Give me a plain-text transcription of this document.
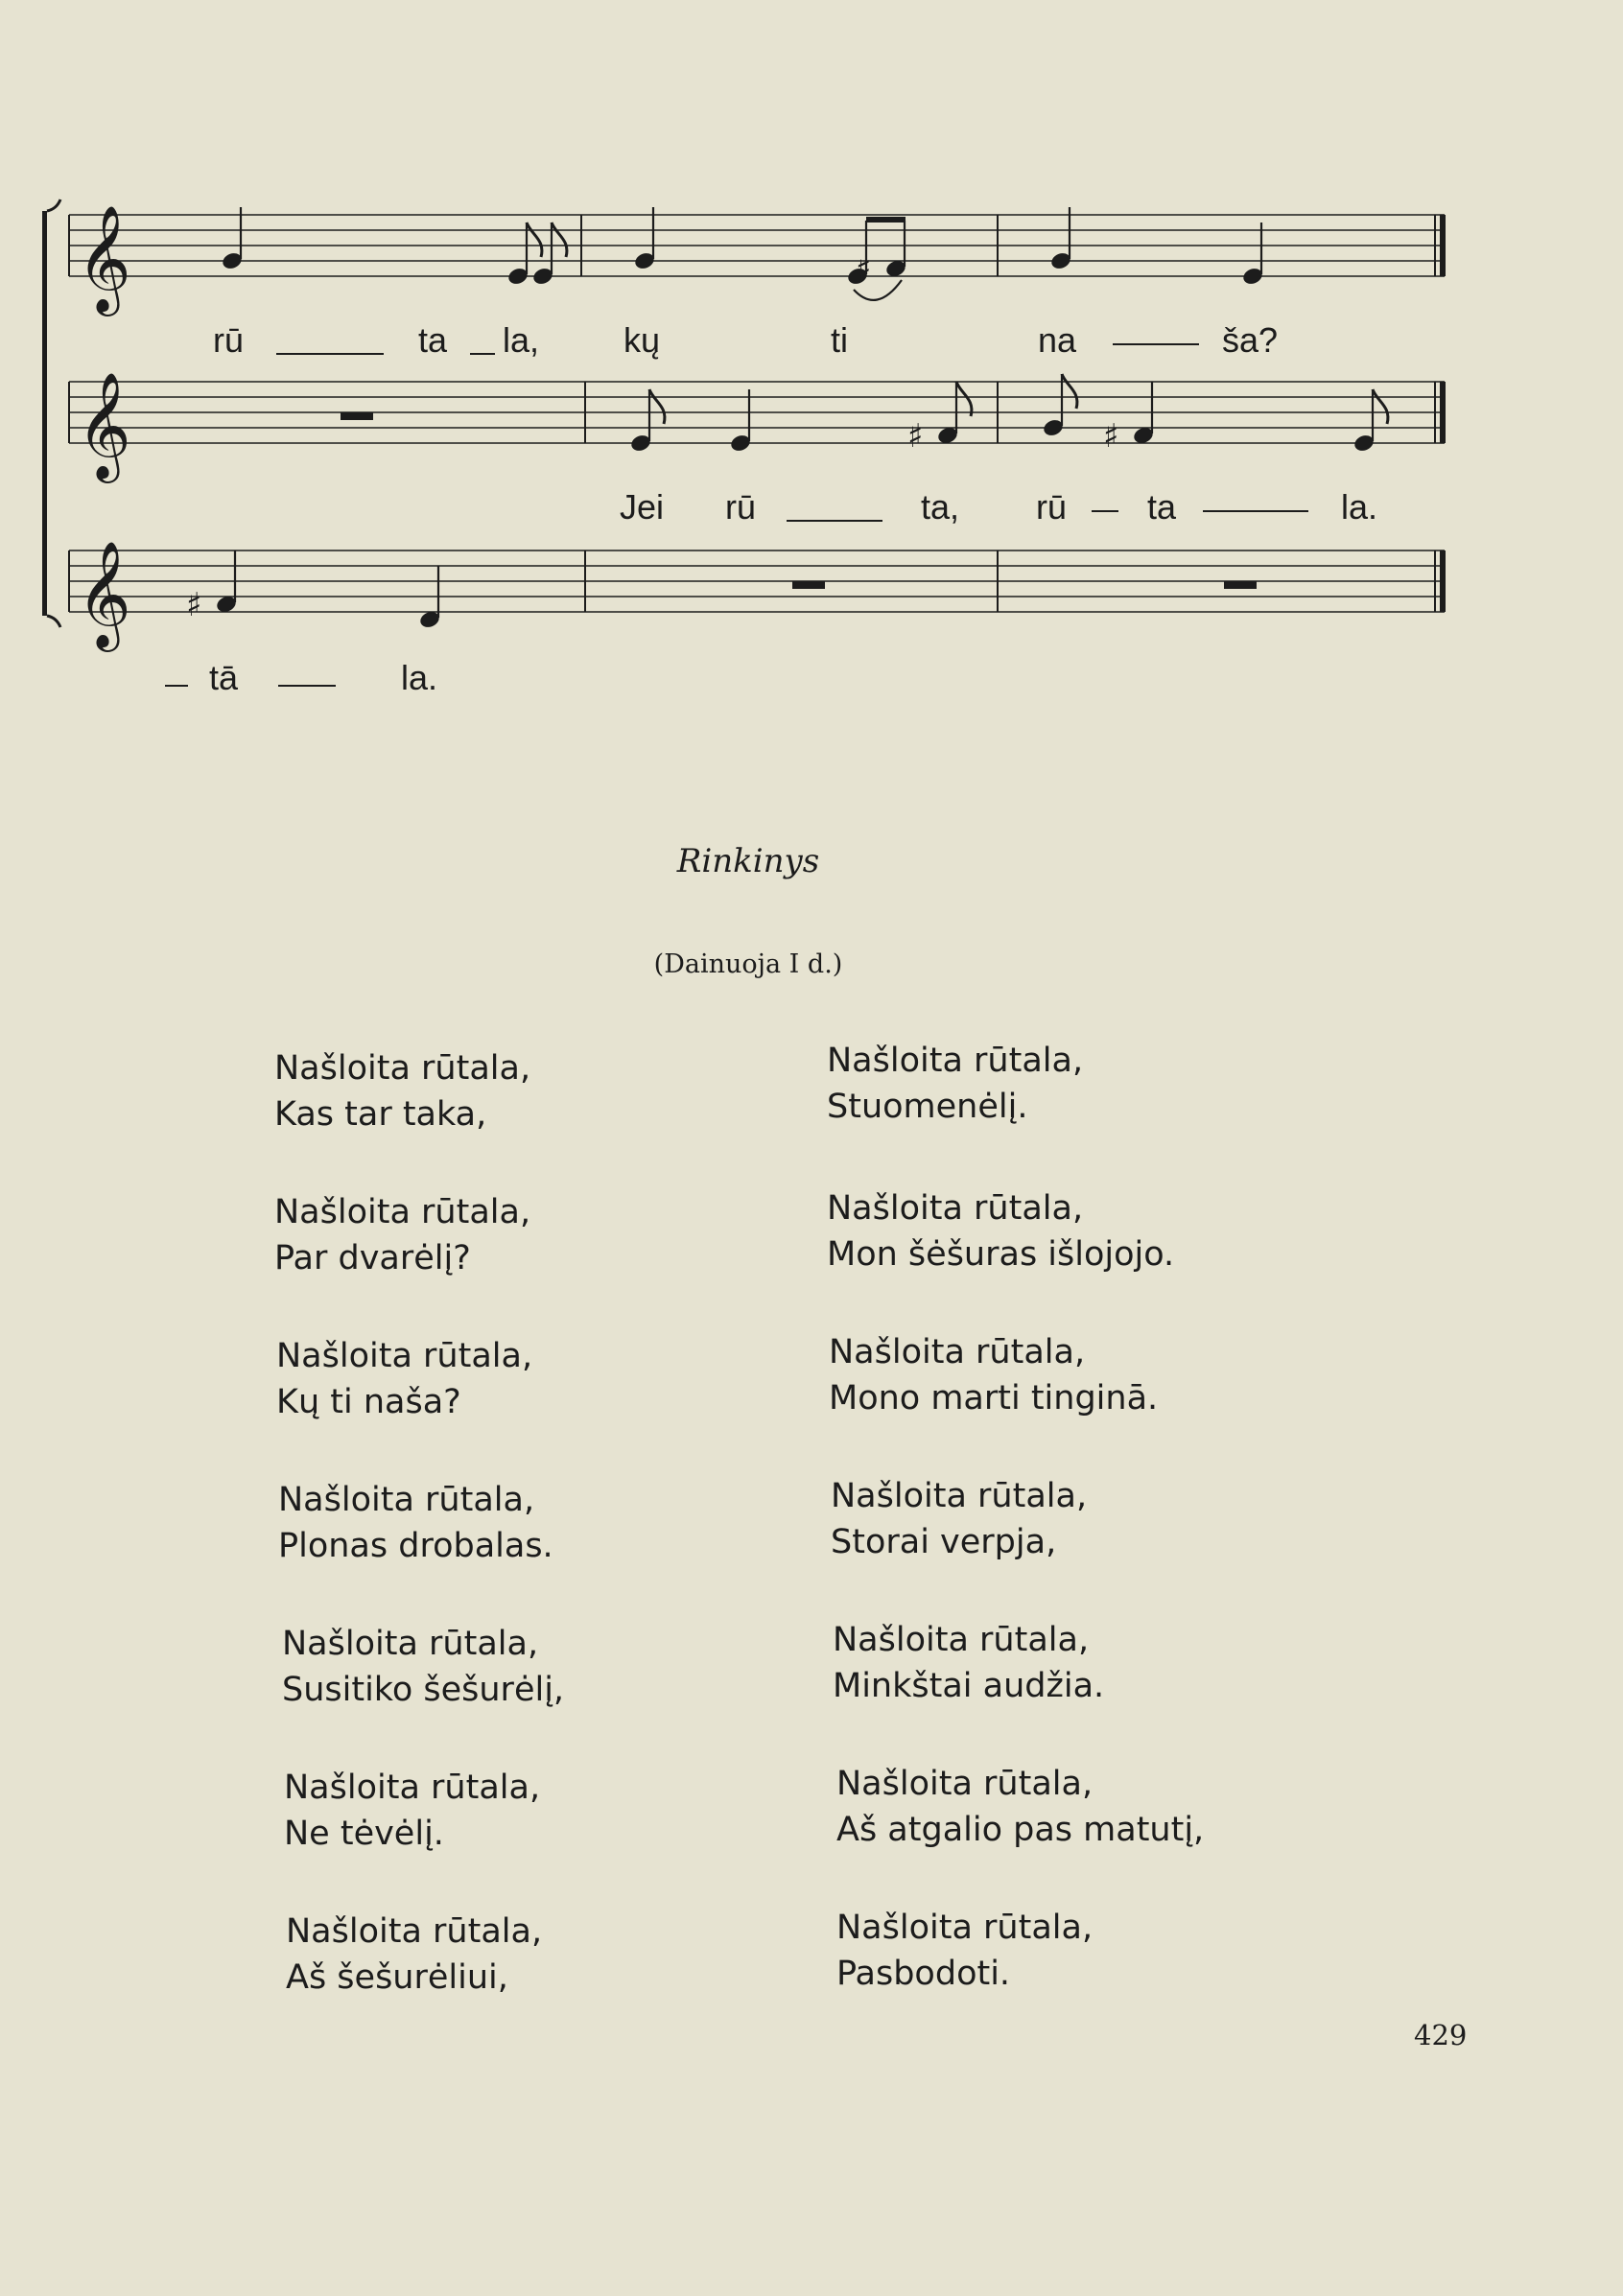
𝄞
𝄞
𝄞
♯
♯	♯
♯
rū	ta la, kų	ti	na	ša?
Jei rū	ta, rū ta	la.
tā	la.
Rinkinys
(Dainuoja I d.)
Našloita rūtala,
Kas tar taka,
Našloita rūtala,
Par dvarėlį?
Našloita rūtala,
Kų ti naša?
Našloita rūtala,
Plonas drobalas.
Našloita rūtala,
Susitiko šešurėlį,
Našloita rūtala,
Ne tėvėlį.
Našloita rūtala,
Aš šešurėliui,
Našloita rūtala,
Stuomenėlį.
Našloita rūtala,
Mon šėšuras išlojojo.
Našloita rūtala,
Mono marti tinginā.
Našloita rūtala,
Storai verpja,
Našloita rūtala,
Minkštai audžia.
Našloita rūtala,
Aš atgalio pas matutį,
Našloita rūtala,
Pasbodoti.
429
